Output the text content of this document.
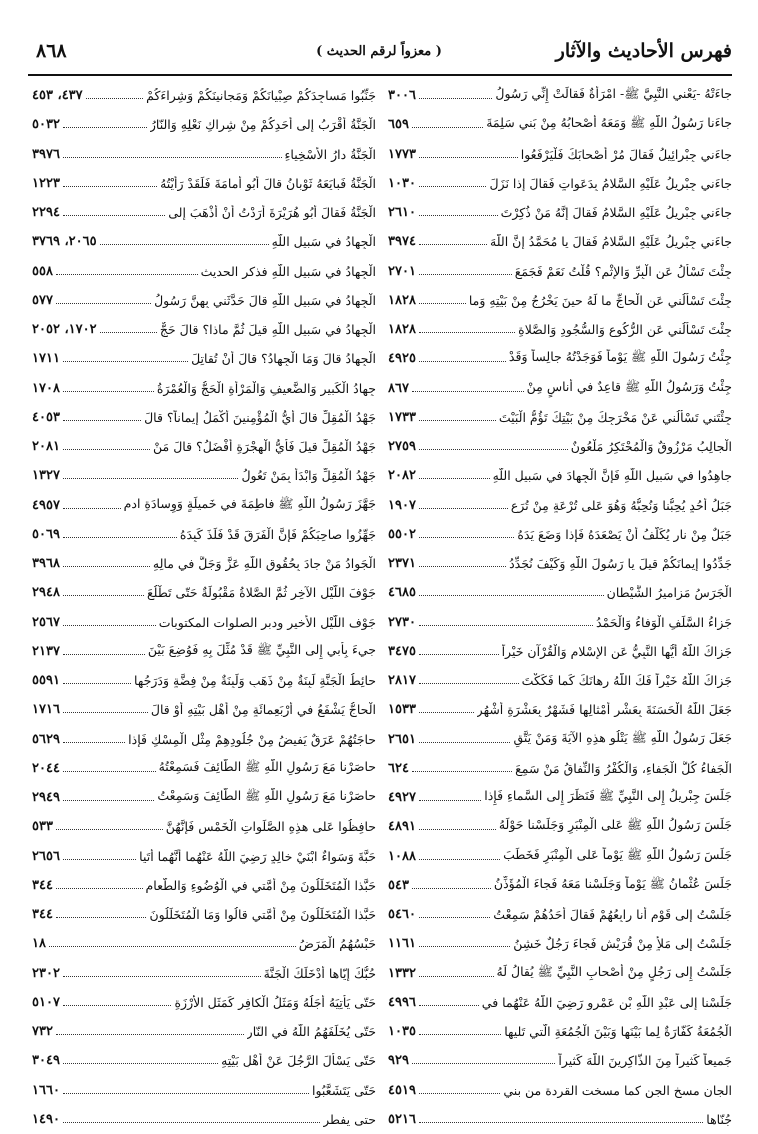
فهرس الأحاديث والآثار
( معزواً لرقم الحديث )
٨٦٨
جاءَتْهُ -يَعْني النَّبِيَّ ﷺ- امْرَأَةٌ فَقالَتْ إِنِّي رَسُولُ
٣٠٠٦
جاءَنا رَسُولُ اللّهِ ﷺ وَمَعَهُ أَصْحابُهُ مِنْ بَني سَلِمَةَ
٦٥٩
جاءَني جِبْرائِيلُ فَقالَ مُرْ أَصْحابَكَ فَلْيَرْفَعُوا
١٧٧٣
جاءَني جِبْريلُ عَلَيْهِ السَّلامُ بِدَعَواتٍ فَقالَ إِذا نَزَلَ
١٠٣٠
جاءَني جِبْريلُ عَلَيْهِ السَّلامُ فَقالَ إِنَّهُ مَنْ ذُكِرْتَ
٢٦١٠
جاءَني جِبْريلُ عَلَيْهِ السَّلامُ فَقالَ يا مُحَمَّدُ إِنَّ اللّهَ
٣٩٧٤
جِئْتَ تَسْأَلُ عَنِ الْبِرِّ وَالإِثْمِ؟ قُلْتُ نَعَمْ فَجَمَعَ
٢٧٠١
جِئْتَ تَسْأَلُني عَنِ الْحاجِّ ما لَهُ حينَ يَخْرُجُ مِنْ بَيْتِهِ وَما
١٨٢٨
جِئْتَ تَسْأَلُني عَنِ الرُّكُوعِ وَالسُّجُودِ وَالصَّلاةِ
١٨٢٨
جِئْتُ رَسُولَ اللّهِ ﷺ يَوْماً فَوَجَدْتُهُ جالِساً وَقَدْ
٤٩٢٥
جِئْتُ وَرَسُولُ اللّهِ ﷺ قاعِدٌ في أُناسٍ مِنْ
٨٦٧
جِئْتَني تَسْأَلُني عَنْ مَخْرَجِكَ مِنْ بَيْتِكَ تَؤُمُّ الْبَيْتَ
١٧٣٣
الْجالِبُ مَرْزُوقٌ وَالْمُحْتَكِرُ مَلْعُونٌ
٢٧٥٩
جاهِدُوا في سَبيلِ اللّهِ فَإِنَّ الْجِهادَ في سَبيلِ اللّهِ
٢٠٨٢
جَبَلُ أُحُدٍ يُحِبُّنا وَنُحِبُّهُ وَهُوَ عَلى تُرْعَةٍ مِنْ تُرَعِ
١٩٠٧
جَبَلٌ مِنْ نارٍ يُكَلَّفُ أَنْ يَصْعَدَهُ فَإِذا وَضَعَ يَدَهُ
٥٥٠٢
جَدِّدُوا إيمانَكُمْ قيلَ يا رَسُولَ اللّهِ وَكَيْفَ نُجَدِّدُ
٢٣٧١
الْجَرَسُ مَزاميرُ الشَّيْطانِ
٤٦٨٥
جَزاءُ السَّلَفِ الْوَفاءُ وَالْحَمْدُ
٢٧٣٠
جَزاكَ اللّهُ أَيُّها النَّبِيُّ عَنِ الإِسْلامِ وَالْقُرْآنِ خَيْراً
٣٤٧٥
جَزاكَ اللّهُ خَيْراً فَكَ اللّهُ رِهانَكَ كَما فَكَكْتَ
٢٨١٧
جَعَلَ اللّهُ الْحَسَنَةَ بِعَشْرِ أَمْثالِها فَشَهْرٌ بِعَشْرَةِ أَشْهُرٍ
١٥٣٣
جَعَلَ رَسُولُ اللّهِ ﷺ يَتْلُو هذِهِ الآيَةَ وَمَنْ يَتَّقِ
٢٦٥١
الْجَفاءُ كُلُّ الْجَفاءِ، وَالْكُفْرُ وَالنِّفاقُ مَنْ سَمِعَ
٦٢٤
جَلَسَ جِبْريلُ إِلى النَّبِيِّ ﷺ فَنَظَرَ إِلى السَّماءِ فَإِذا
٤٩٢٧
جَلَسَ رَسُولُ اللّهِ ﷺ عَلى الْمِنْبَرِ وَجَلَسْنا حَوْلَهُ
٤٨٩١
جَلَسَ رَسُولُ اللّهِ ﷺ يَوْماً عَلى الْمِنْبَرِ فَخَطَبَ
١٠٨٨
جَلَسَ عُثْمانُ ﷺ يَوْماً وَجَلَسْنا مَعَهُ فَجاءَ الْمُؤَذِّنُ
٥٤٣
جَلَسْتُ إِلى قَوْمٍ أَنا رابِعُهُمْ فَقالَ أَحَدُهُمْ سَمِعْتُ
٥٤٦٠
جَلَسْتُ إِلى مَلأٍ مِنْ قُرَيْشٍ فَجاءَ رَجُلٌ خَشِنُ
١١٦١
جَلَسْتُ إِلى رَجُلٍ مِنْ أَصْحابِ النَّبِيِّ ﷺ يُقالُ لَهُ
١٣٣٢
جَلَسْنا إِلى عَبْدِ اللّهِ بْنِ عَمْرٍو رَضِيَ اللّهُ عَنْهُما في
٤٩٩٦
الْجُمُعَةُ كَفّارَةٌ لِما بَيْنَها وَبَيْنَ الْجُمُعَةِ الَّتي تَليها
١٠٣٥
جَميعاً كَثيراً مِنَ الذّاكِرينَ اللّهَ كَثيراً
٩٢٩
الجان مسخ الجن كما مسخت القردة من بني
٤٥١٩
جُنّاها
٥٢١٦
جَنِّبُوا مَساجِدَكُمْ صِبْيانَكُمْ وَمَجانينَكُمْ وَشِراءَكُمْ
٤٣٧، ٤٥٣
الْجَنَّةُ أَقْرَبُ إِلى أَحَدِكُمْ مِنْ شِراكِ نَعْلِهِ وَالنّارُ
٥٠٣٢
الْجَنَّةُ دارُ الأَسْخِياءِ
٣٩٧٦
الْجَنَّةُ فَبايَعَهُ ثَوْبانُ قالَ أَبُو أُمامَةَ فَلَقَدْ رَأَيْتُهُ
١٢٢٣
الْجَنَّةُ فَقالَ أَبُو هُرَيْرَةَ أَرَدْتُ أَنْ أَذْهَبَ إِلى
٢٢٩٤
الْجِهادُ في سَبيلِ اللّهِ
٢٠٦٥، ٣٧٦٩
الْجِهادُ في سَبيلِ اللّهِ فذكر الحديث
٥٥٨
الْجِهادُ في سَبيلِ اللّهِ قالَ حَدَّثَني بِهِنَّ رَسُولُ
٥٧٧
الْجِهادُ في سَبيلِ اللّهِ قيلَ ثُمَّ ماذا؟ قالَ حَجٌّ
١٧٠٢، ٢٠٥٢
الْجِهادُ قالَ وَمَا الْجِهادُ؟ قالَ أَنْ تُقاتِلَ
١٧١١
جِهادُ الْكَبيرِ وَالضَّعيفِ وَالْمَرْأَةِ الْحَجُّ وَالْعُمْرَةُ
١٧٠٨
جَهْدُ الْمُقِلِّ قالَ أَيُّ الْمُؤْمِنينَ أَكْمَلُ إيماناً؟ قالَ
٤٠٥٣
جَهْدُ الْمُقِلِّ قيلَ فَأَيُّ الْهِجْرَةِ أَفْضَلُ؟ قالَ مَنْ
٢٠٨١
جَهْدُ الْمُقِلِّ وَابْدَأْ بِمَنْ تَعُولُ
١٣٢٧
جَهَّزَ رَسُولُ اللّهِ ﷺ فاطِمَةَ في خَميلَةٍ وَوِسادَةِ ادم
٤٩٥٧
جَهِّزُوا صاحِبَكُمْ فَإِنَّ الْفَرَقَ قَدْ فَلَذَ كَبِدَهُ
٥٠٦٩
الْجَوادُ مَنْ جادَ بِحُقُوقِ اللّهِ عَزَّ وَجَلَّ في مالِهِ
٣٩٦٨
جَوْفَ اللَّيْلِ الآخِرِ ثُمَّ الصَّلاةُ مَقْبُولَةٌ حَتّى تَطْلُعَ
٢٩٤٨
جَوْف اللَّيْلِ الأخير ودبر الصلوات المكتوبات
٢٥٦٧
جيءَ بِأَبي إِلى النَّبِيِّ ﷺ قَدْ مُثِّلَ بِهِ فَوُضِعَ بَيْنَ
٢١٣٧
حائِطُ الْجَنَّةِ لَبِنَةٌ مِنْ ذَهَبٍ وَلَبِنَةٌ مِنْ فِضَّةٍ وَدَرَجُها
٥٥٩١
الْحاجُّ يَشْفَعُ في أَرْبَعِمائَةٍ مِنْ أَهْلِ بَيْتِهِ أَوْ قالَ
١٧١٦
حاجَتُهُمْ عَرَقٌ يَفيضُ مِنْ جُلُودِهِمْ مِثْلِ الْمِسْكِ فَإِذا
٥٦٢٩
حاصَرْنا مَعَ رَسُولِ اللّهِ ﷺ الطّائِفَ فَسَمِعْتُهُ
٢٠٤٤
حاصَرْنا مَعَ رَسُولِ اللّهِ ﷺ الطّائِفَ وَسَمِعْتُ
٢٩٤٩
حافِظُوا عَلى هذِهِ الصَّلَواتِ الْخَمْسِ فَإِنَّهُنَّ
٥٣٣
حَبَّةَ وَسَواءٌ ابْنَيْ خالِدٍ رَضِيَ اللّهُ عَنْهُما أَنَّهُما أَتَيا
٢٦٥٦
حَبَّذا الْمُتَخَلِّلُونَ مِنْ أُمَّتي في الْوُضُوءِ وَالطَّعامِ
٣٤٤
حَبَّذا الْمُتَخَلِّلُونَ مِنْ أُمَّتي قالُوا وَمَا الْمُتَخَلِّلُونَ
٣٤٤
حَبْسُهُمُ الْمَرَضُ
١٨
حُبُّكَ إِيّاها أَدْخَلَكَ الْجَنَّةَ
٢٣٠٢
حَتّى يَأْتِيَهُ أَجَلُهُ وَمَثَلُ الْكافِرِ كَمَثَلِ الأَرْزَةِ
٥١٠٧
حَتّى يُخَلِّفَهُمُ اللّهُ في النّارِ
٧٣٢
حَتّى يَسْأَلَ الرَّجُلَ عَنْ أَهْلِ بَيْتِهِ
٣٠٤٩
حَتّى يَتَشَعَّبُوا
١٦٦٠
حتى يفطر
١٤٩٠
